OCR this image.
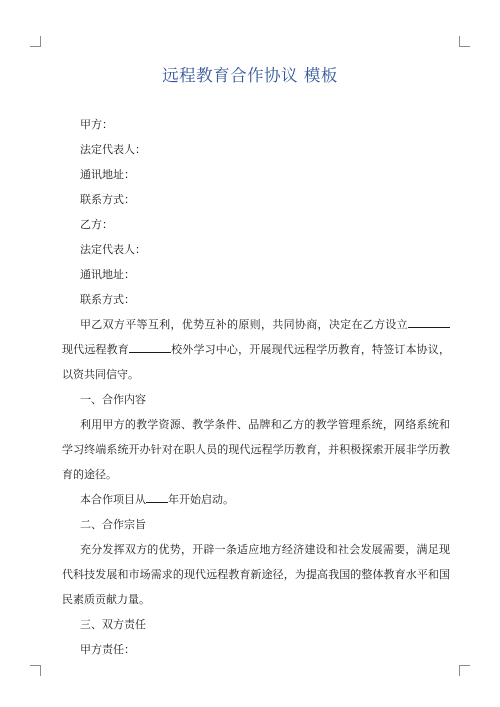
远程教育合作协议 模板
甲方：
法定代表人：
通讯地址：
联系方式：
乙方：
法定代表人：
通讯地址：
联系方式：

甲乙双方平等互利，优势互补的原则，共同协商，决定在乙方设立现代远程教育	校外学习中心，开展现代远程学历教育，特签订本协议，以资共同信守。

一、合作内容

利用甲方的教学资源、教学条件、品牌和乙方的教学管理系统，网络系统和学习终端系统开办针对在职人员的现代远程学历教育，并积极探索开展非学历教育的途径。

本合作项目从 年开始启动。

二、合作宗旨

充分发挥双方的优势，开辟一条适应地方经济建设和社会发展需要，满足现代科技发展和市场需求的现代远程教育新途径，为提高我国的整体教育水平和国民素质贡献力量。

三、双方责任
甲方责任：
